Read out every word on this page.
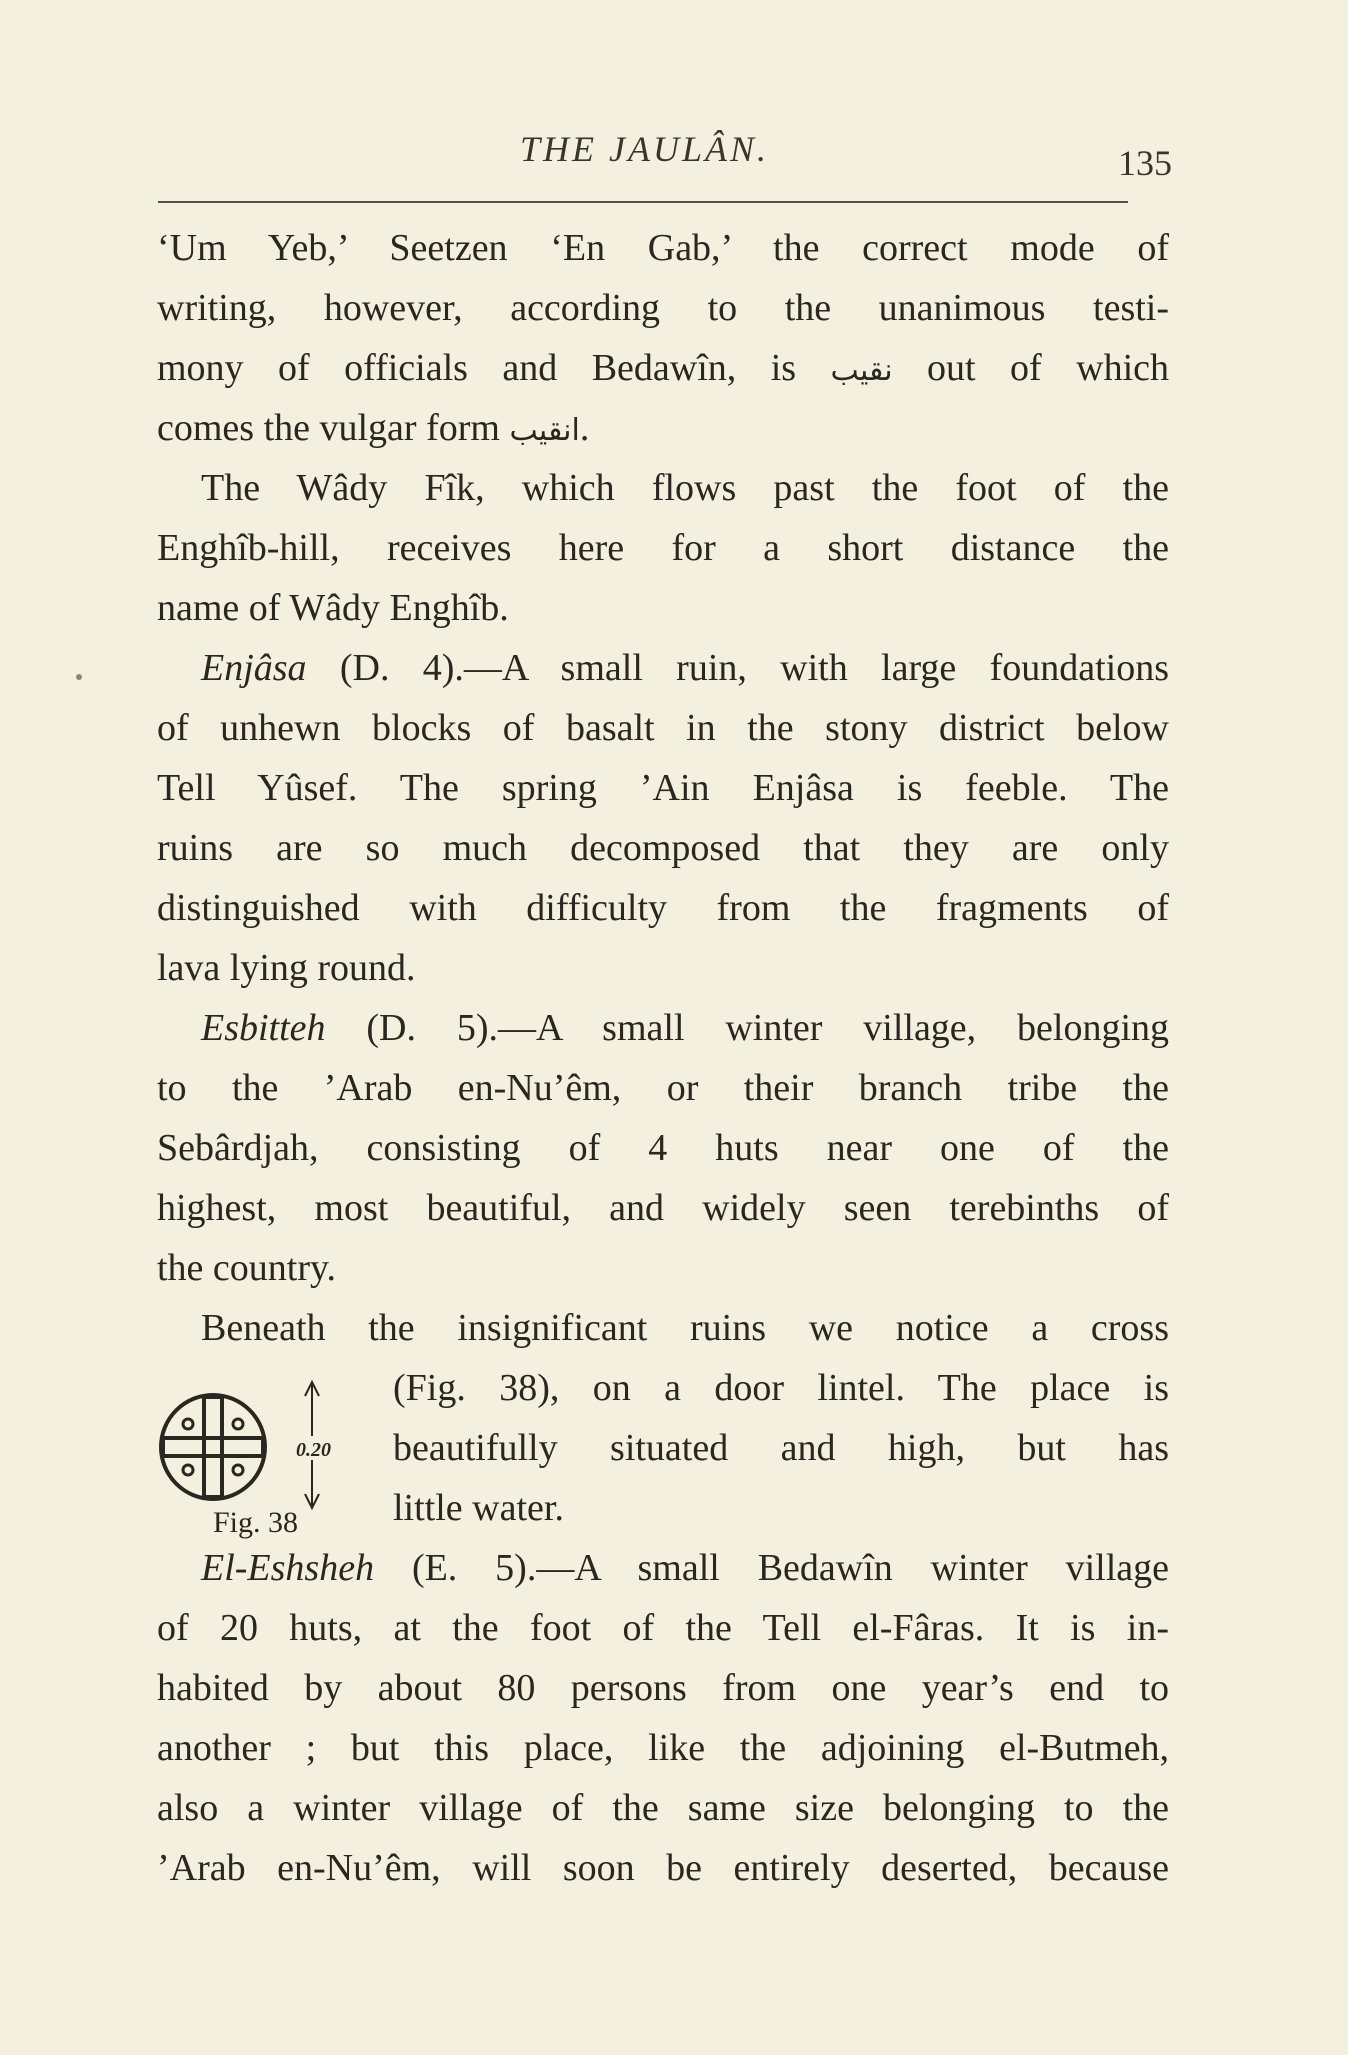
THE JAULÂN.	135
‘Um Yeb,’ Seetzen ‘En Gab,’ the correct mode of
writing, however, according to the unanimous testi-
mony of officials and Bedawîn, is نقيب out of which
comes the vulgar form انقيب.
The Wâdy Fîk, which flows past the foot of the
Enghîb-hill, receives here for a short distance the
name of Wâdy Enghîb.
Enjâsa (D. 4).—A small ruin, with large foundations
of unhewn blocks of basalt in the stony district below
Tell Yûsef. The spring ’Ain Enjâsa is feeble. The
ruins are so much decomposed that they are only
distinguished with difficulty from the fragments of
lava lying round.
Esbitteh (D. 5).—A small winter village, belonging
to the ’Arab en-Nu’êm, or their branch tribe the
Sebârdjah, consisting of 4 huts near one of the
highest, most beautiful, and widely seen terebinths of
the country.
Beneath the insignificant ruins we notice a cross
(Fig. 38), on a door lintel. The place is
beautifully situated and high, but has
little water.
El-Eshsheh (E. 5).—A small Bedawîn winter village
of 20 huts, at the foot of the Tell el-Fâras. It is in-
habited by about 80 persons from one year’s end to
another ; but this place, like the adjoining el-Butmeh,
also a winter village of the same size belonging to the
’Arab en-Nu’êm, will soon be entirely deserted, because
0.20
Fig. 38
